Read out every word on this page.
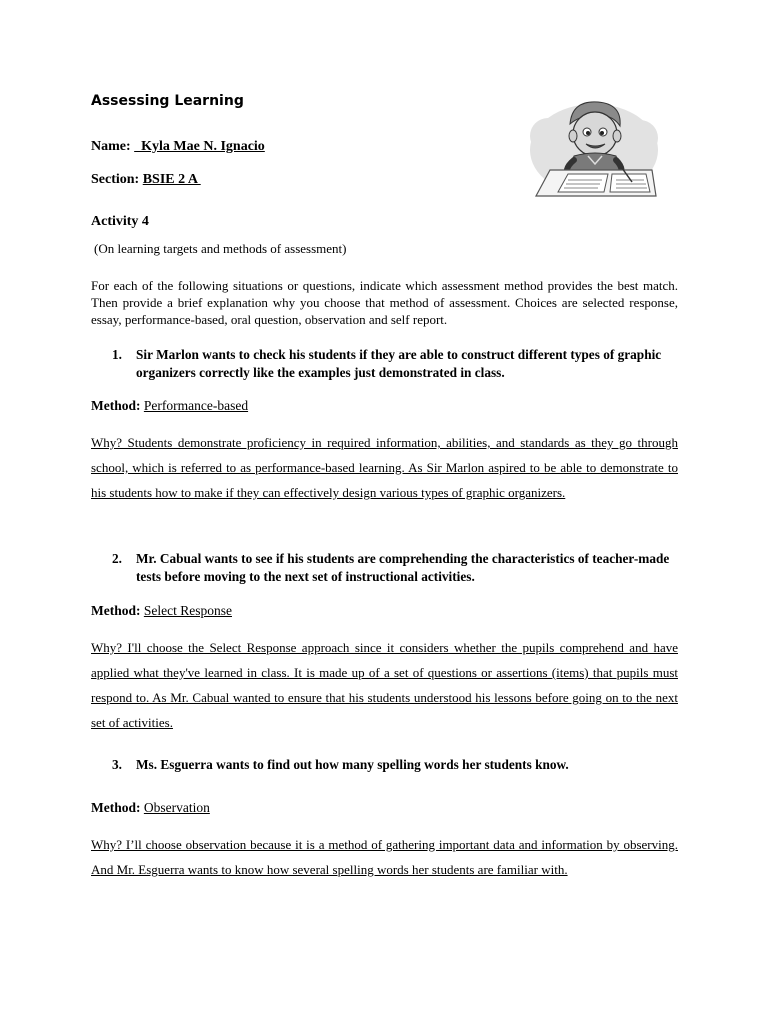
Assessing Learning
Name:   Kyla Mae N. Ignacio
Section: BSIE 2 A
Activity 4
(On learning targets and methods of assessment)
For each of the following situations or questions, indicate which assessment method provides the best match. Then provide a brief explanation why you choose that method of assessment. Choices are selected response, essay, performance-based, oral question, observation and self report.
1.	Sir Marlon wants to check his students if they are able to construct different types of graphic organizers correctly like the examples just demonstrated in class.
Method: Performance-based
Why? Students demonstrate proficiency in required information, abilities, and standards as they go through school, which is referred to as performance-based learning. As Sir Marlon aspired to be able to demonstrate to his students how to make if they can effectively design various types of graphic organizers.
2.	Mr. Cabual wants to see if his students are comprehending the characteristics of teacher-made tests before moving to the next set of instructional activities.
Method: Select Response
Why? I'll choose the Select Response approach since it considers whether the pupils comprehend and have applied what they've learned in class. It is made up of a set of questions or assertions (items) that pupils must respond to. As Mr. Cabual wanted to ensure that his students understood his lessons before going on to the next set of activities.
3.	Ms. Esguerra wants to find out how many spelling words her students know.
Method: Observation
Why? I’ll choose observation because it is a method of gathering important data and information by observing. And Mr. Esguerra wants to know how several spelling words her students are familiar with.
